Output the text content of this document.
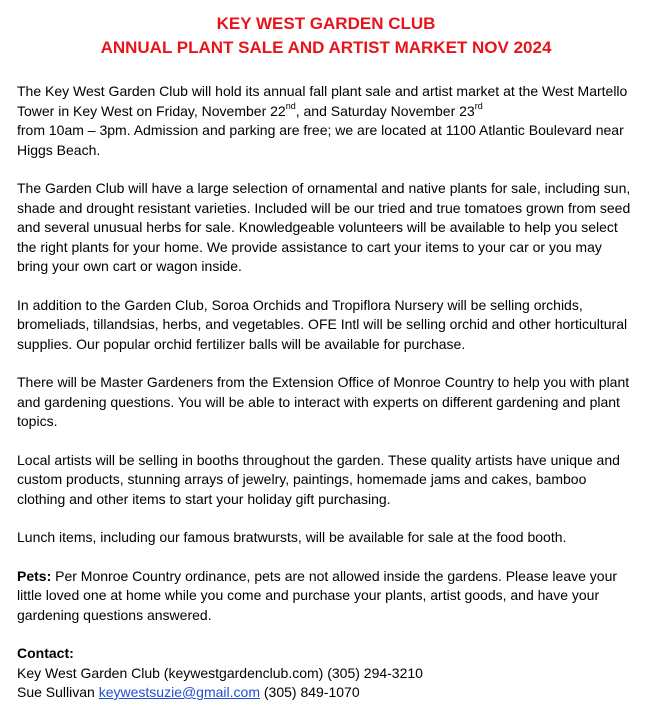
KEY WEST GARDEN CLUB
ANNUAL PLANT SALE AND ARTIST MARKET NOV 2024

The Key West Garden Club will hold its annual fall plant sale and artist market at the West Martello Tower in Key West on Friday, November 22nd, and Saturday November 23rd
from 10am – 3pm. Admission and parking are free; we are located at 1100 Atlantic Boulevard near Higgs Beach.

The Garden Club will have a large selection of ornamental and native plants for sale, including sun, shade and drought resistant varieties. Included will be our tried and true tomatoes grown from seed and several unusual herbs for sale. Knowledgeable volunteers will be available to help you select the right plants for your home. We provide assistance to cart your items to your car or you may bring your own cart or wagon inside.

In addition to the Garden Club, Soroa Orchids and Tropiflora Nursery will be selling orchids, bromeliads, tillandsias, herbs, and vegetables. OFE Intl will be selling orchid and other horticultural supplies. Our popular orchid fertilizer balls will be available for purchase.

There will be Master Gardeners from the Extension Office of Monroe Country to help you with plant and gardening questions. You will be able to interact with experts on different gardening and plant topics.

Local artists will be selling in booths throughout the garden. These quality artists have unique and custom products, stunning arrays of jewelry, paintings, homemade jams and cakes, bamboo clothing and other items to start your holiday gift purchasing.

Lunch items, including our famous bratwursts, will be available for sale at the food booth.

Pets: Per Monroe Country ordinance, pets are not allowed inside the gardens. Please leave your little loved one at home while you come and purchase your plants, artist goods, and have your gardening questions answered.

Contact:

Key West Garden Club (keywestgardenclub.com) (305) 294-3210

Sue Sullivan keywestsuzie@gmail.com (305) 849-1070
